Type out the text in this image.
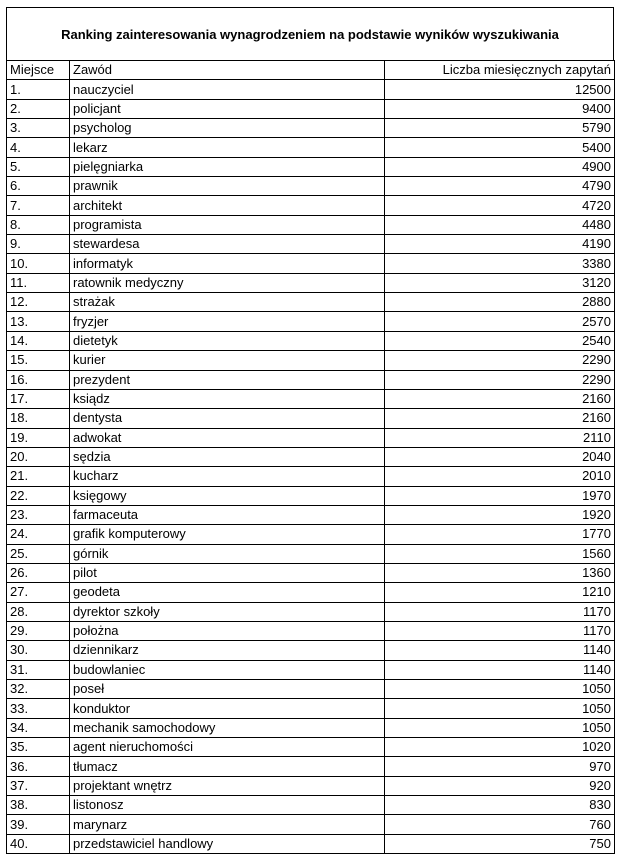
Ranking zainteresowania wynagrodzeniem na podstawie wyników wyszukiwania
Miejsce	Zawód	Liczba miesięcznych zapytań
1.	nauczyciel	12500
2.	policjant	9400
3.	psycholog	5790
4.	lekarz	5400
5.	pielęgniarka	4900
6.	prawnik	4790
7.	architekt	4720
8.	programista	4480
9.	stewardesa	4190
10.	informatyk	3380
11.	ratownik medyczny	3120
12.	strażak	2880
13.	fryzjer	2570
14.	dietetyk	2540
15.	kurier	2290
16.	prezydent	2290
17.	ksiądz	2160
18.	dentysta	2160
19.	adwokat	2110
20.	sędzia	2040
21.	kucharz	2010
22.	księgowy	1970
23.	farmaceuta	1920
24.	grafik komputerowy	1770
25.	górnik	1560
26.	pilot	1360
27.	geodeta	1210
28.	dyrektor szkoły	1170
29.	położna	1170
30.	dziennikarz	1140
31.	budowlaniec	1140
32.	poseł	1050
33.	konduktor	1050
34.	mechanik samochodowy	1050
35.	agent nieruchomości	1020
36.	tłumacz	970
37.	projektant wnętrz	920
38.	listonosz	830
39.	marynarz	760
40.	przedstawiciel handlowy	750
